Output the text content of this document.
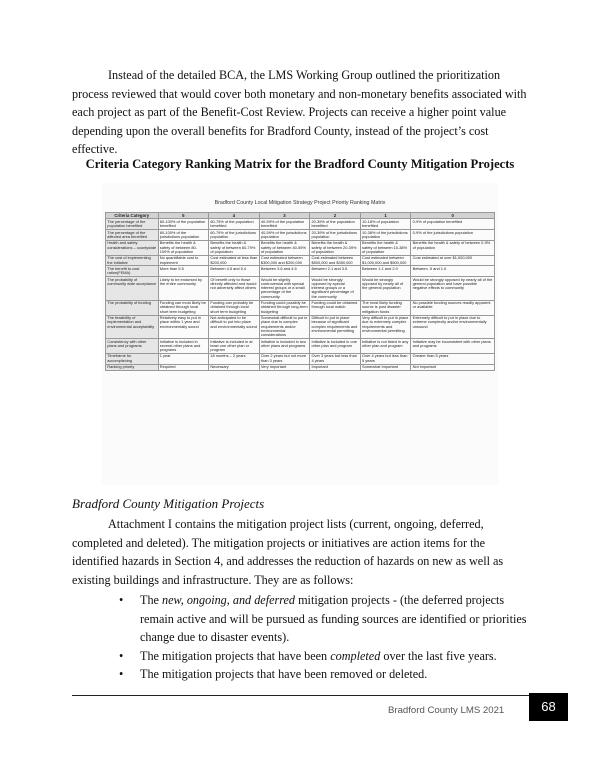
Instead of the detailed BCA, the LMS Working Group outlined the prioritization process reviewed that would cover both monetary and non-monetary benefits associated with each project as part of the Benefit-Cost Review. Projects can receive a higher point value depending upon the overall benefits for Bradford County, instead of the project’s cost effective.

Criteria Category Ranking Matrix for the Bradford County Mitigation Projects
Bradford County Local Mitigation Strategy Project Priority Ranking Matrix
Criteria Category	5	4	3	2	1	0
The percentage of the population benefited	80-100% of the population benefited	60-79% of the population benefited	40-59% of the population benefited	20-39% of the population benefited	10-18% of population benefited	0-9% of population benefited
The percentage of the affected area benefited	80-100% of the jurisdictions population	60-79% of the jurisdictions population	40-59% of the jurisdictions population	20-39% of the jurisdictions population	10-38% of the jurisdictions population	0-9% of the jurisdictions population
Health and safety considerations – countywide	Benefits the health & safety of between 80-100% of population	Benefits the health & safety of between 60-79% of population	Benefits the health & safety of between 40-59% of population	Benefits the health & safety of between 20-39% of population	Benefits the health & safety of between 10-38% of population	Benefits the health & safety of between 0-9% of population
The cost of implementing the initiative	No quantifiable cost to implement	Cost estimated at less than $200,000	Cost estimated between $300,000 and $200,000	Cost estimated between $500,000 and $350,000	Cost estimated between $1,000,000 and $500,000	Cost estimated at over $1,000,000
The benefit to cost ration(FEMA)	More than 5.5	Between 4.5 and 5.4	Between 3.6 and 4.5	Between 2.1 and 3.5	Between 1.1 and 2.0	Between .5 and 1.0
The probability of community wide acceptance	Likely to be endorsed by the entire community	Of benefit only to those directly affected and would not adversely affect others	Would be slightly controversial with special interest groups or a small percentage of the community	Would be strongly opposed by special interest groups or a significant percentage of the community	Would be strongly opposed by nearly all of the general population	Would be strongly opposed by nearly all of the general population and have possible negative effects to community
The probability of funding	Funding can most likely be obtained through local short term budgeting	Funding can probably be obtained through local short term budgeting	Funding could possibly be obtained through long-term budgeting	Funding could be obtained through local match	The most likely funding source is post disaster mitigation funds	No possible funding sources readily apparent or available
The feasibility of implementation and environmental acceptability	Relatively easy to put in place within 1 year and environmentally sound	Not anticipated to be difficult to put into place and environmentally sound	Somewhat difficult to put in place due to complex requirements and/or environmental considerations	Difficult to put in place because of significant complex requirements and environmental permitting	Very difficult to put in place due to extremely complex requirements and environmental permitting	Extremely difficult to put in place due to extreme complexity and/or environmentally unsound
Consistency with other plans and programs	Initiative is included in several other plans and programs	Initiative is included in at least one other plan or program	Initiative is included in two other plans and programs	Initiative is included in one other plan and program	Initiative is not listed in any other plan and program	Initiative may be inconsistent with other plans and programs
Timeframe for accomplishing	1 year	18 months – 2 years	Over 2 years but not more than 3 years	Over 3 years but less than 4 years	Over 4 years but less than 5 years	Greater than 5 years
Ranking priority	Required	Necessary	Very Important	Important	Somewhat Important	Not important
Bradford County Mitigation Projects

Attachment I contains the mitigation project lists (current, ongoing, deferred, completed and deleted). The mitigation projects or initiatives are action items for the identified hazards in Section 4, and addresses the reduction of hazards on new as well as existing buildings and infrastructure. They are as follows:

• The new, ongoing, and deferred mitigation projects - (the deferred projects remain active and will be pursued as funding sources are identified or priorities change due to disaster events).
• The mitigation projects that have been completed over the last five years.
• The mitigation projects that have been removed or deleted.
Bradford County LMS 2021	68
